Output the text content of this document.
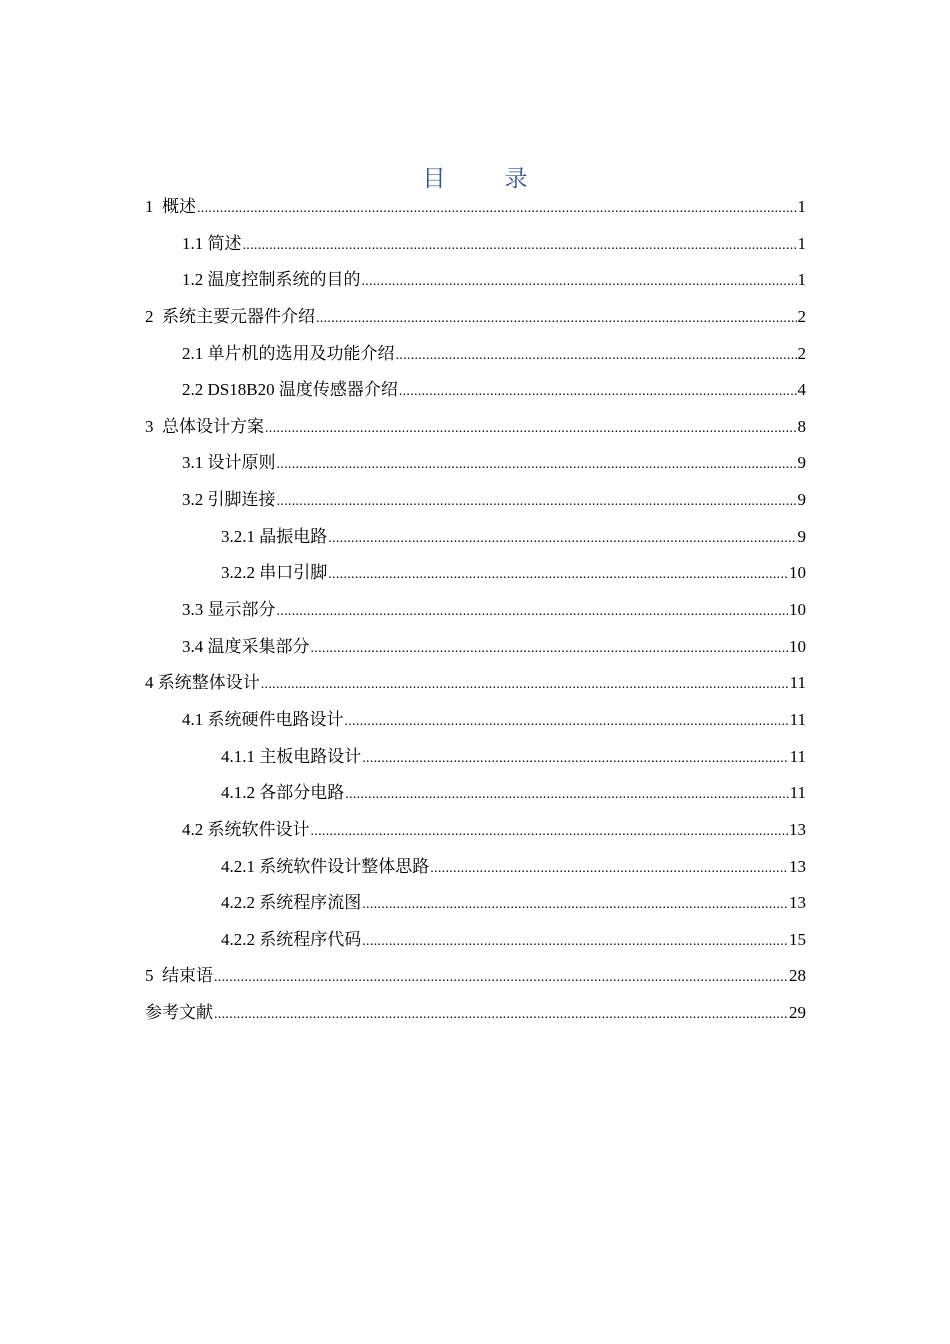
目　录
1  概述 .....	1
1.1 简述 .....	1
1.2 温度控制系统的目的 .....	1
2  系统主要元器件介绍 .....	2
2.1 单片机的选用及功能介绍 .....	2
2.2 DS18B20 温度传感器介绍 .....	4
3  总体设计方案 .....	8
3.1 设计原则 .....	9
3.2 引脚连接 .....	9
3.2.1 晶振电路 .....	9
3.2.2 串口引脚 .....	10
3.3 显示部分 .....	10
3.4 温度采集部分 .....	10
4 系统整体设计 .....	11
4.1 系统硬件电路设计 .....	11
4.1.1 主板电路设计 .....	11
4.1.2 各部分电路 .....	11
4.2 系统软件设计 .....	13
4.2.1 系统软件设计整体思路 .....	13
4.2.2 系统程序流图 .....	13
4.2.2 系统程序代码 .....	15
5  结束语 .....	28
参考文献 .....	29
